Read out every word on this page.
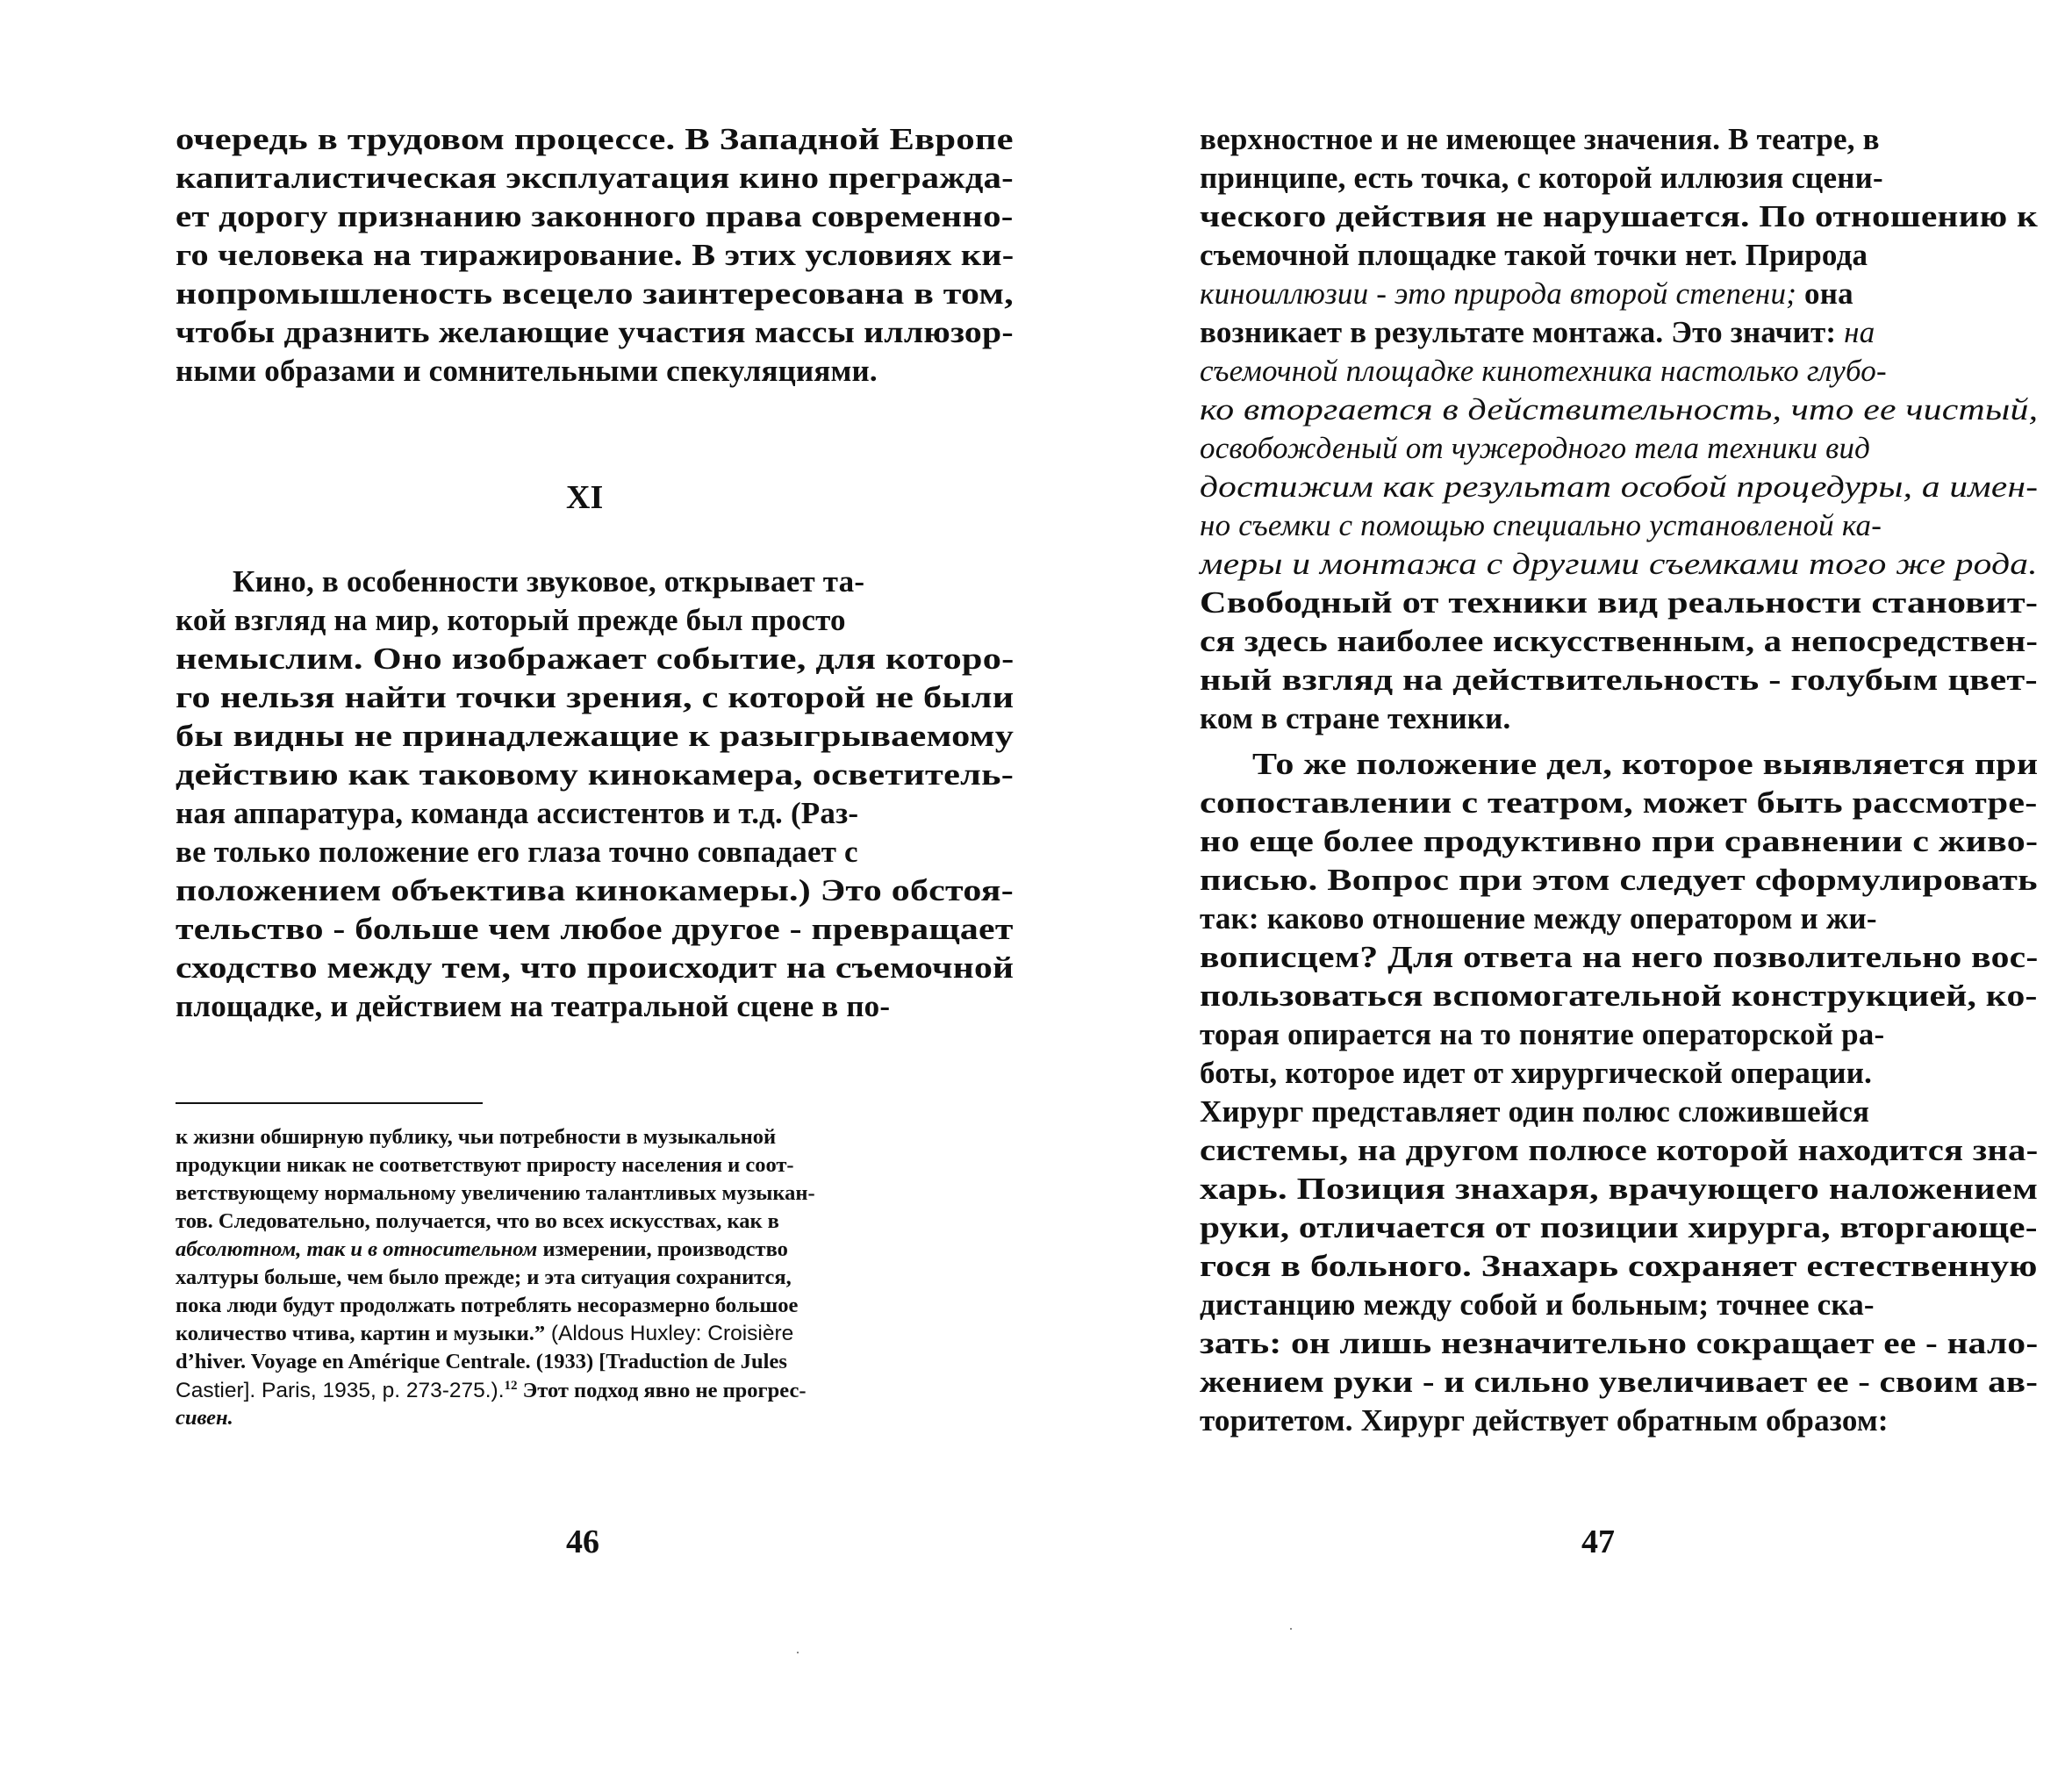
очередь в трудовом процессе. В Западной Европе
капиталистическая эксплуатация кино преграждa-
ет дорогу признанию законного права современно-
го человека на тиражирование. В этих условиях ки-
нопромышленость всецело заинтересована в том,
чтобы дразнить желающие участия массы иллюзор-
ными образами и сомнительными спекуляциями.
XI
Кино, в особенности звуковое, открывает та-
кой взгляд на мир, который прежде был просто
немыслим. Оно изображает событие, для которо-
го нельзя найти точки зрения, с которой не были
бы видны не принадлежащие к разыгрываемому
действию как таковому кинокамера, осветитель-
ная аппаратура, команда ассистентов и т.д. (Раз-
ве только положение его глаза точно совпадает с
положением объектива кинокамеры.) Это обстоя-
тельство - больше чем любое другое - превращает
сходство между тем, что происходит на съемочной
площадке, и действием на театральной сцене в по-
к жизни обширную публику, чьи потребности в музыкальной
продукции никак не соответствуют приросту населения и соот-
ветствующему нормальному увеличению талантливых музыкан-
тов. Следовательно, получается, что во всех искусствах, как в
абсолютном, так и в относительном измерении, производство
халтуры больше, чем было прежде; и эта ситуация сохранится,
пока люди будут продолжать потреблять несоразмерно большое
количество чтива, картин и музыки.” (Aldous Huxley: Croisière
d’hiver. Voyage en Amérique Centrale. (1933) [Traduction de Jules
Castier]. Paris, 1935, p. 273-275.).$^{12}$ Этот подход явно не прогрес-
сивен.
46
верхностное и не имеющее значения. В театре, в
принципе, есть точка, с которой иллюзия сцени-
ческого действия не нарушается. По отношению к
съемочной площадке такой точки нет. Природа
киноиллюзии - это природа второй степени; она
возникает в результате монтажа. Это значит: на
съемочной площадке кинотехника настолько глубо-
ко вторгается в действительность, что ее чистый,
освобожденый от чужеродного тела техники вид
достижим как результат особой процедуры, а имен-
но съемки с помощью специально установленой ка-
меры и монтажа с другими съемками того же рода.
Свободный от техники вид реальности становит-
ся здесь наиболее искусственным, а непосредствен-
ный взгляд на действительность - голубым цвет-
ком в стране техники.
То же положение дел, которое выявляется при
сопоставлении с театром, может быть рассмотре-
но еще более продуктивно при сравнении с живо-
писью. Вопрос при этом следует сформулировать
так: каково отношение между оператором и жи-
вописцем? Для ответа на него позволительно вос-
пользоваться вспомогательной конструкцией, ко-
торая опирается на то понятие операторской ра-
боты, которое идет от хирургической операции.
Хирург представляет один полюс сложившейся
системы, на другом полюсе которой находится зна-
харь. Позиция знахаря, врачующего наложением
руки, отличается от позиции хирурга, вторгающе-
гося в больного. Знахарь сохраняет естественную
дистанцию между собой и больным; точнее ска-
зать: он лишь незначительно сокращает ее - нало-
жением руки - и сильно увеличивает ее - своим ав-
торитетом. Хирург действует обратным образом:
47
